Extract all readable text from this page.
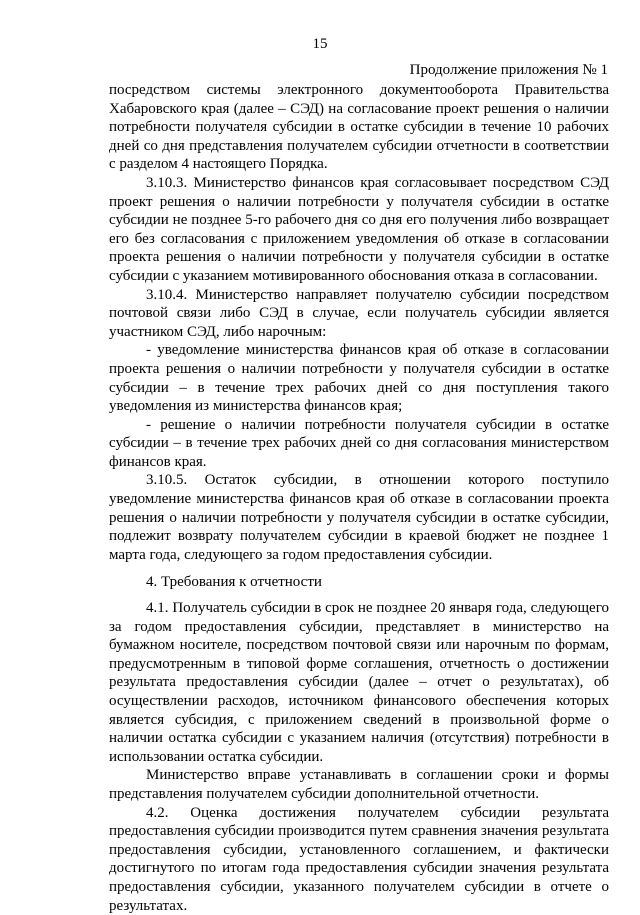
15
Продолжение приложения № 1

посредством системы электронного документооборота Правительства Хабаровского края (далее – СЭД) на согласование проект решения о наличии потребности получателя субсидии в остатке субсидии в течение 10 рабочих дней со дня представления получателем субсидии отчетности в соответствии с разделом 4 настоящего Порядка.

3.10.3. Министерство финансов края согласовывает посредством СЭД проект решения о наличии потребности у получателя субсидии в остатке субсидии не позднее 5-го рабочего дня со дня его получения либо возвращает его без согласования с приложением уведомления об отказе в согласовании проекта решения о наличии потребности у получателя субсидии в остатке субсидии с указанием мотивированного обоснования отказа в согласовании.

3.10.4. Министерство направляет получателю субсидии посредством почтовой связи либо СЭД в случае, если получатель субсидии является участником СЭД, либо нарочным:

- уведомление министерства финансов края об отказе в согласовании проекта решения о наличии потребности у получателя субсидии в остатке субсидии – в течение трех рабочих дней со дня поступления такого уведомления из министерства финансов края;

- решение о наличии потребности получателя субсидии в остатке субсидии – в течение трех рабочих дней со дня согласования министерством финансов края.

3.10.5. Остаток субсидии, в отношении которого поступило уведомление министерства финансов края об отказе в согласовании проекта решения о наличии потребности у получателя субсидии в остатке субсидии, подлежит возврату получателем субсидии в краевой бюджет не позднее 1 марта года, следующего за годом предоставления субсидии.

4. Требования к отчетности

4.1. Получатель субсидии в срок не позднее 20 января года, следующего за годом предоставления субсидии, представляет в министерство на бумажном носителе, посредством почтовой связи или нарочным по формам, предусмотренным в типовой форме соглашения, отчетность о достижении результата предоставления субсидии (далее – отчет о результатах), об осуществлении расходов, источником финансового обеспечения которых является субсидия, с приложением сведений в произвольной форме о наличии остатка субсидии с указанием наличия (отсутствия) потребности в использовании остатка субсидии.

Министерство вправе устанавливать в соглашении сроки и формы представления получателем субсидии дополнительной отчетности.

4.2. Оценка достижения получателем субсидии результата предоставления субсидии производится путем сравнения значения результата предоставления субсидии, установленного соглашением, и фактически достигнутого по итогам года предоставления субсидии значения результата предоставления субсидии, указанного получателем субсидии в отчете о результатах.
